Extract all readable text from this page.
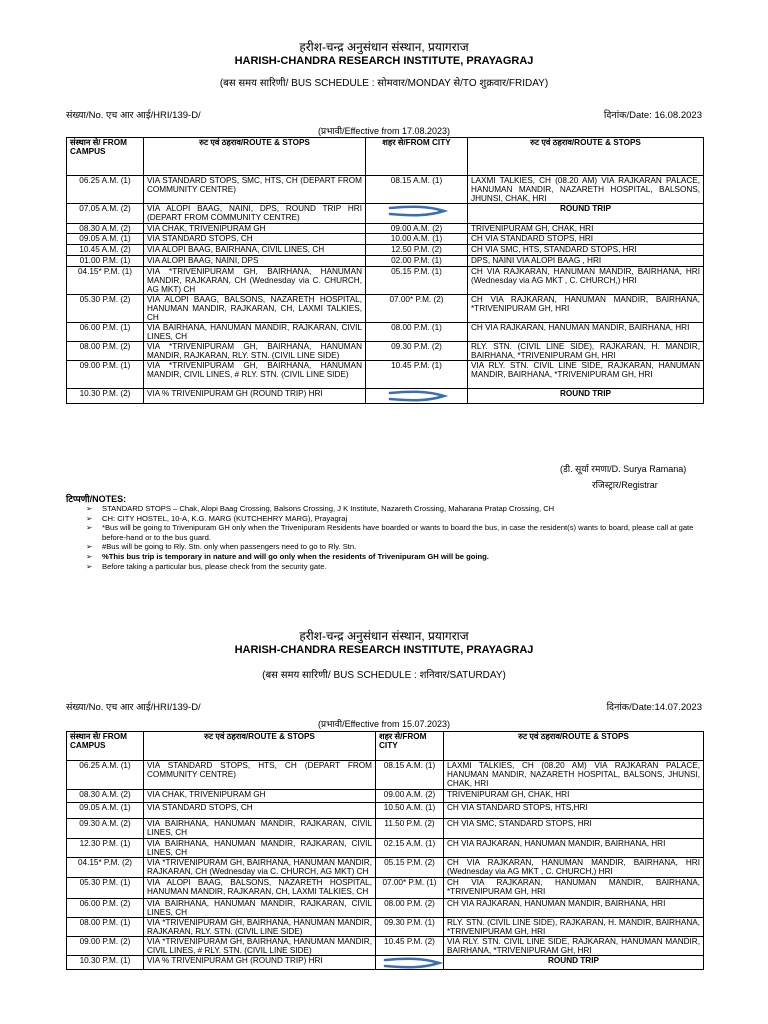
हरीश-चन्द्र अनुसंधान संस्थान, प्रयागराज
HARISH-CHANDRA RESEARCH INSTITUTE, PRAYAGRAJ
(बस समय सारिणी/ BUS SCHEDULE : सोमवार/MONDAY से/TO शुक्रवार/FRIDAY)
संख्या/No. एच आर आई/HRI/139-D/	दिनांक/Date: 16.08.2023
(प्रभावी/Effective from 17.08.2023)
संस्थान से/ FROM CAMPUS	रुट एवं ठहराव/ROUTE & STOPS	शहर से/FROM CITY	रुट एवं ठहराव/ROUTE & STOPS
06.25 A.M. (1)	VIA STANDARD STOPS, SMC, HTS, CH (DEPART FROM COMMUNITY CENTRE)	08.15 A.M. (1)	LAXMI TALKIES, CH (08.20 AM) VIA RAJKARAN PALACE, HANUMAN MANDIR, NAZARETH HOSPITAL, BALSONS, JHUNSI, CHAK, HRI
07.05 A.M. (2)	VIA ALOPI BAAG, NAINI, DPS, ROUND TRIP HRI (DEPART FROM COMMUNITY CENTRE)		ROUND TRIP
08.30 A.M. (2)	VIA CHAK, TRIVENIPURAM GH	09.00 A.M. (2)	TRIVENIPURAM GH, CHAK, HRI
09.05 A.M. (1)	VIA STANDARD STOPS, CH	10.00 A.M. (1)	CH VIA STANDARD STOPS, HRI
10.45 A.M. (2)	VIA ALOPI BAAG, BAIRHANA, CIVIL LINES, CH	12.50 P.M. (2)	CH VIA SMC, HTS, STANDARD STOPS, HRI
01.00 P.M. (1)	VIA ALOPI BAAG, NAINI, DPS	02.00 P.M. (1)	DPS, NAINI VIA ALOPI BAAG , HRI
04.15* P.M. (1)	VIA *TRIVENIPURAM GH, BAIRHANA, HANUMAN MANDIR, RAJKARAN, CH (Wednesday via C. CHURCH, AG MKT) CH	05.15 P.M. (1)	CH VIA RAJKARAN, HANUMAN MANDIR, BAIRHANA, HRI (Wednesday via AG MKT , C. CHURCH,) HRI
05.30 P.M. (2)	VIA ALOPI BAAG, BALSONS, NAZARETH HOSPITAL, HANUMAN MANDIR, RAJKARAN, CH, LAXMI TALKIES, CH	07.00* P.M. (2)	CH VIA RAJKARAN, HANUMAN MANDIR, BAIRHANA, *TRIVENIPURAM GH, HRI
06.00 P.M. (1)	VIA BAIRHANA, HANUMAN MANDIR, RAJKARAN, CIVIL LINES, CH	08.00 P.M. (1)	CH VIA RAJKARAN, HANUMAN MANDIR, BAIRHANA, HRI
08.00 P.M. (2)	VIA *TRIVENIPURAM GH, BAIRHANA, HANUMAN MANDIR, RAJKARAN, RLY. STN. (CIVIL LINE SIDE)	09.30 P.M. (2)	RLY. STN. (CIVIL LINE SIDE), RAJKARAN, H. MANDIR, BAIRHANA, *TRIVENIPURAM GH, HRI
09.00 P.M. (1)	VIA *TRIVENIPURAM GH, BAIRHANA, HANUMAN MANDIR, CIVIL LINES, # RLY. STN. (CIVIL LINE SIDE)	10.45 P.M. (1)	VIA RLY. STN. CIVIL LINE SIDE, RAJKARAN, HANUMAN MANDIR, BAIRHANA, *TRIVENIPURAM GH, HRI
10.30 P.M. (2)	VIA % TRIVENIPURAM GH (ROUND TRIP) HRI		ROUND TRIP
(डी. सूर्या रमणा/D. Surya Ramana)
रजिस्ट्रार/Registrar
टिप्पणी/NOTES:
➢ STANDARD STOPS – Chak, Alopi Baag Crossing, Balsons Crossing, J K Institute, Nazareth Crossing, Maharana Pratap Crossing, CH
➢ CH: CITY HOSTEL, 10-A, K.G. MARG (KUTCHEHRY MARG), Prayagraj
➢ *Bus will be going to Trivenipuram GH only when the Trivenipuram Residents have boarded or wants to board the bus, in case the resident(s) wants to board, please call at gate before-hand or to the bus guard.
➢ #Bus will be going to Rly. Stn. only when passengers need to go to Rly. Stn.
➢ %This bus trip is temporary in nature and will go only when the residents of Trivenipuram GH will be going.
➢ Before taking a particular bus, please check from the security gate.
हरीश-चन्द्र अनुसंधान संस्थान, प्रयागराज
HARISH-CHANDRA RESEARCH INSTITUTE, PRAYAGRAJ
(बस समय सारिणी/ BUS SCHEDULE : शनिवार/SATURDAY)
संख्या/No. एच आर आई/HRI/139-D/	दिनांक/Date:14.07.2023
(प्रभावी/Effective from 15.07.2023)
संस्थान से/ FROM CAMPUS	रुट एवं ठहराव/ROUTE & STOPS	शहर से/FROM CITY	रुट एवं ठहराव/ROUTE & STOPS
06.25 A.M. (1)	VIA STANDARD STOPS, HTS, CH (DEPART FROM COMMUNITY CENTRE)	08.15 A.M. (1)	LAXMI TALKIES, CH (08.20 AM) VIA RAJKARAN PALACE, HANUMAN MANDIR, NAZARETH HOSPITAL, BALSONS, JHUNSI, CHAK, HRI
08.30 A.M. (2)	VIA CHAK, TRIVENIPURAM GH	09.00 A.M. (2)	TRIVENIPURAM GH, CHAK, HRI
09.05 A.M. (1)	VIA STANDARD STOPS, CH	10.50 A.M. (1)	CH VIA STANDARD STOPS, HTS,HRI
09.30 A.M. (2)	VIA BAIRHANA, HANUMAN MANDIR, RAJKARAN, CIVIL LINES, CH	11.50 P.M. (2)	CH VIA SMC, STANDARD STOPS, HRI
12.30 P.M. (1)	VIA BAIRHANA, HANUMAN MANDIR, RAJKARAN, CIVIL LINES, CH	02.15 A.M. (1)	CH VIA RAJKARAN, HANUMAN MANDIR, BAIRHANA, HRI
04.15* P.M. (2)	VIA *TRIVENIPURAM GH, BAIRHANA, HANUMAN MANDIR, RAJKARAN, CH (Wednesday via C. CHURCH, AG MKT) CH	05.15 P.M. (2)	CH VIA RAJKARAN, HANUMAN MANDIR, BAIRHANA, HRI (Wednesday via AG MKT , C. CHURCH,) HRI
05.30 P.M. (1)	VIA ALOPI BAAG, BALSONS, NAZARETH HOSPITAL, HANUMAN MANDIR, RAJKARAN, CH, LAXMI TALKIES, CH	07.00* P.M. (1)	CH VIA RAJKARAN, HANUMAN MANDIR, BAIRHANA, *TRIVENIPURAM GH, HRI
06.00 P.M. (2)	VIA BAIRHANA, HANUMAN MANDIR, RAJKARAN, CIVIL LINES, CH	08.00 P.M. (2)	CH VIA RAJKARAN, HANUMAN MANDIR, BAIRHANA, HRI
08.00 P.M. (1)	VIA *TRIVENIPURAM GH, BAIRHANA, HANUMAN MANDIR, RAJKARAN, RLY. STN. (CIVIL LINE SIDE)	09.30 P.M. (1)	RLY. STN. (CIVIL LINE SIDE), RAJKARAN, H. MANDIR, BAIRHANA, *TRIVENIPURAM GH, HRI
09.00 P.M. (2)	VIA *TRIVENIPURAM GH, BAIRHANA, HANUMAN MANDIR, CIVIL LINES, # RLY. STN. (CIVIL LINE SIDE)	10.45 P.M. (2)	VIA RLY. STN. CIVIL LINE SIDE, RAJKARAN, HANUMAN MANDIR, BAIRHANA, *TRIVENIPURAM GH, HRI
10.30 P.M. (1)	VIA % TRIVENIPURAM GH (ROUND TRIP) HRI		ROUND TRIP
